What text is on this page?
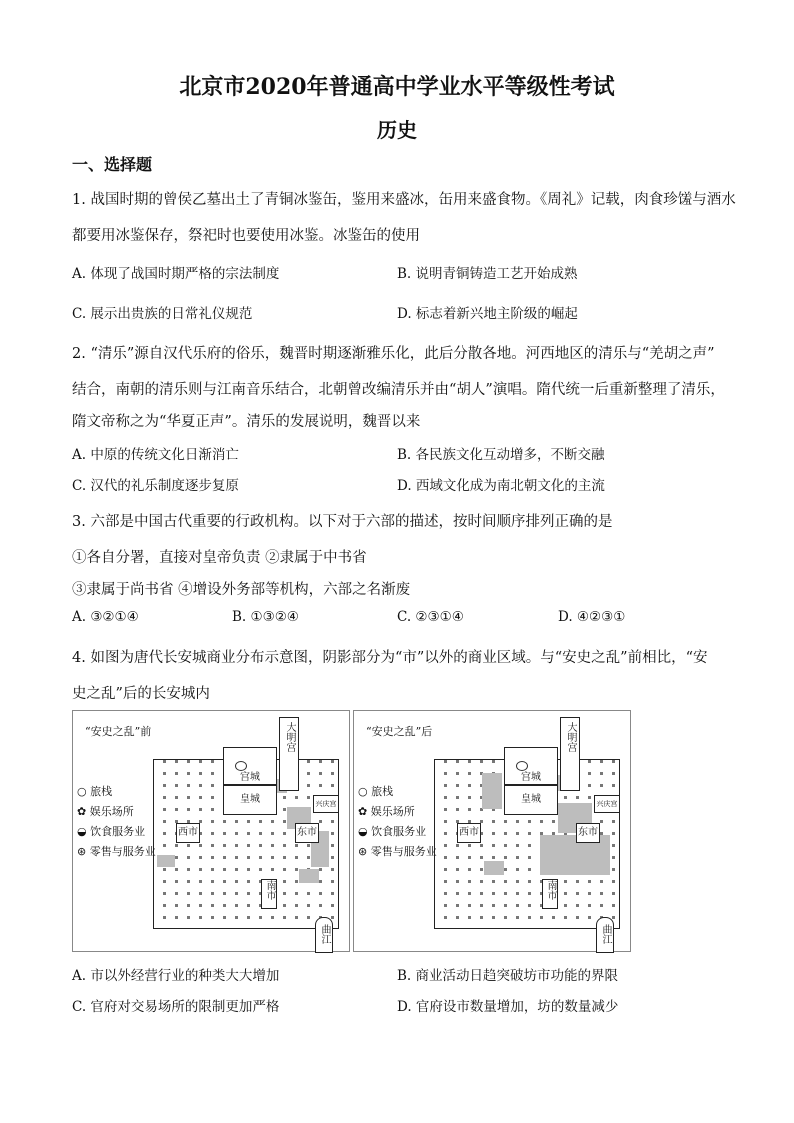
北京市2020年普通高中学业水平等级性考试
历史
一、选择题
1. 战国时期的曾侯乙墓出土了青铜冰鉴缶，鉴用来盛冰，缶用来盛食物。《周礼》记载，肉食珍馐与酒水
都要用冰鉴保存，祭祀时也要使用冰鉴。冰鉴缶的使用
A. 体现了战国时期严格的宗法制度	B. 说明青铜铸造工艺开始成熟
C. 展示出贵族的日常礼仪规范	D. 标志着新兴地主阶级的崛起
2. “清乐”源自汉代乐府的俗乐，魏晋时期逐渐雅乐化，此后分散各地。河西地区的清乐与“羌胡之声”
结合，南朝的清乐则与江南音乐结合，北朝曾改编清乐并由“胡人”演唱。隋代统一后重新整理了清乐，
隋文帝称之为“华夏正声”。清乐的发展说明，魏晋以来
A. 中原的传统文化日渐消亡	B. 各民族文化互动增多，不断交融
C. 汉代的礼乐制度逐步复原	D. 西域文化成为南北朝文化的主流
3. 六部是中国古代重要的行政机构。以下对于六部的描述，按时间顺序排列正确的是
①各自分署，直接对皇帝负责 ②隶属于中书省
③隶属于尚书省 ④增设外务部等机构，六部之名渐废
A. ③②①④	B. ①③②④	C. ②③①④	D. ④②③①
4. 如图为唐代长安城商业分布示意图，阴影部分为“市”以外的商业区域。与“安史之乱”前相比，“安
史之乱”后的长安城内
“安史之乱”前	大明宫
宫城
皇城
西市	东市
南市
兴庆宫
曲江
○ 旅栈
✿ 娱乐场所
◒ 饮食服务业
⊛ 零售与服务业
“安史之乱”后	大明宫
宫城
皇城
西市	东市
南市
兴庆宫
曲江
○ 旅栈
✿ 娱乐场所
◒ 饮食服务业
⊛ 零售与服务业
A. 市以外经营行业的种类大大增加	B. 商业活动日趋突破坊市功能的界限
C. 官府对交易场所的限制更加严格	D. 官府设市数量增加，坊的数量减少
